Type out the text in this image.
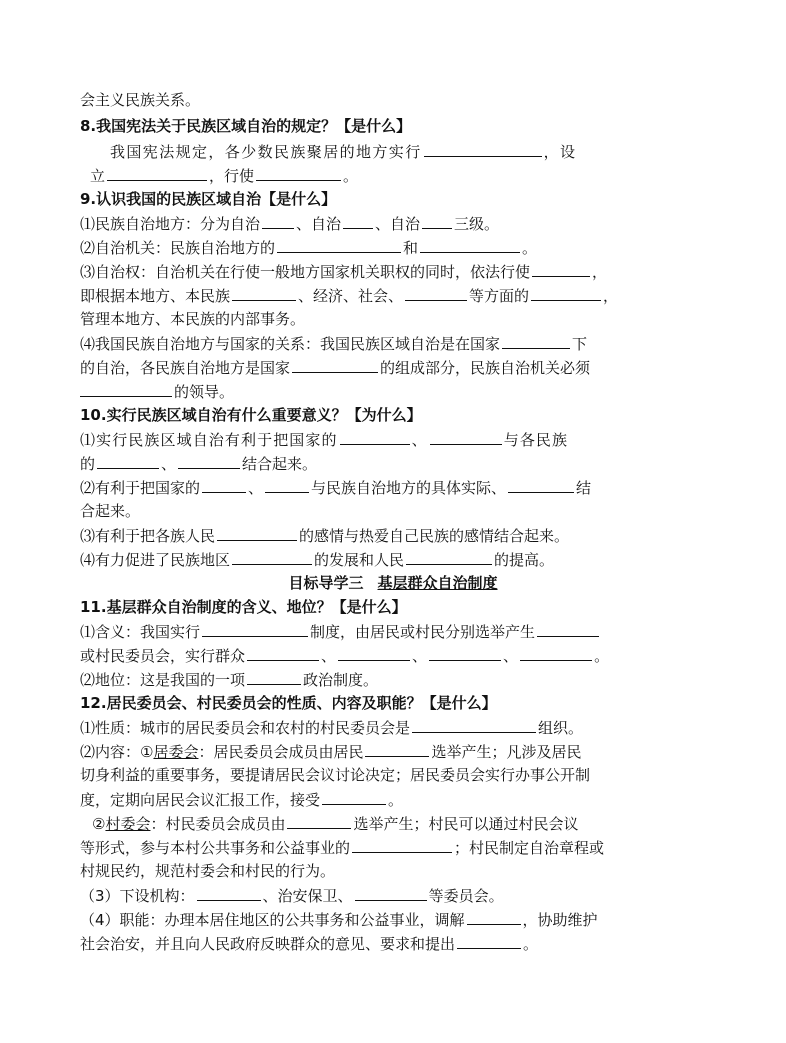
会主义民族关系。
8.我国宪法关于民族区域自治的规定？【是什么】
我国宪法规定，各少数民族聚居的地方实行	，设
立	，行使	。
9.认识我国的民族区域自治【是什么】
⑴民族自治地方：分为自治 、自治 、自治 三级。
⑵自治机关：民族自治地方的	和	。
⑶自治权：自治机关在行使一般地方国家机关职权的同时，依法行使	，
即根据本地方、本民族	、经济、社会、	等方面的	，
管理本地方、本民族的内部事务。
⑷我国民族自治地方与国家的关系：我国民族区域自治是在国家	下
的自治，各民族自治地方是国家	的组成部分，民族自治机关必须
的领导。
10.实行民族区域自治有什么重要意义？【为什么】
⑴实行民族区域自治有利于把国家的	、	与各民族
的	、	结合起来。
⑵有利于把国家的	、	与民族自治地方的具体实际、	结
合起来。
⑶有利于把各族人民	的感情与热爱自己民族的感情结合起来。
⑷有力促进了民族地区	的发展和人民	的提高。
目标导学三 基层群众自治制度
11.基层群众自治制度的含义、地位？【是什么】
⑴含义：我国实行	制度，由居民或村民分别选举产生
或村民委员会，实行群众	、	、	、	。
⑵地位：这是我国的一项	政治制度。
12.居民委员会、村民委员会的性质、内容及职能？【是什么】
⑴性质：城市的居民委员会和农村的村民委员会是	组织。
⑵内容：①居委会：居民委员会成员由居民	选举产生；凡涉及居民
切身利益的重要事务，要提请居民会议讨论决定；居民委员会实行办事公开制
度，定期向居民会议汇报工作，接受	。
②村委会：村民委员会成员由	选举产生；村民可以通过村民会议
等形式，参与本村公共事务和公益事业的	；村民制定自治章程或
村规民约，规范村委会和村民的行为。
（3）下设机构：	、治安保卫、	等委员会。
（4）职能：办理本居住地区的公共事务和公益事业，调解	，协助维护
社会治安，并且向人民政府反映群众的意见、要求和提出	。
